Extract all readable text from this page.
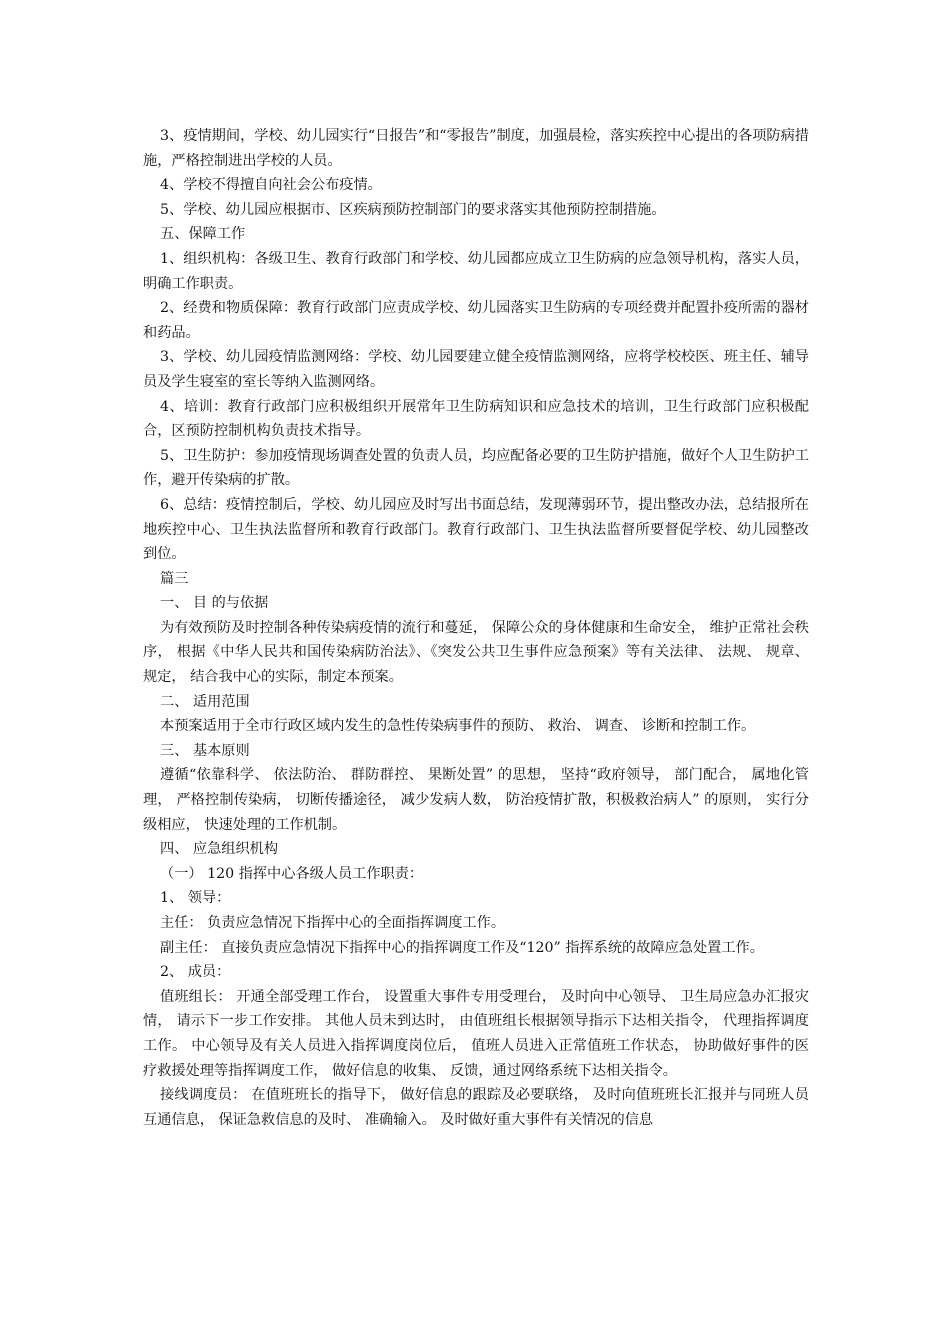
3、疫情期间，学校、幼儿园实行“日报告”和“零报告”制度，加强晨检，落实疾控中心提出的各项防病措施，严格控制进出学校的人员。

4、学校不得擅自向社会公布疫情。

5、学校、幼儿园应根据市、区疾病预防控制部门的要求落实其他预防控制措施。

五、保障工作

1、组织机构：各级卫生、教育行政部门和学校、幼儿园都应成立卫生防病的应急领导机构，落实人员，明确工作职责。

2、经费和物质保障：教育行政部门应责成学校、幼儿园落实卫生防病的专项经费并配置扑疫所需的器材和药品。

3、学校、幼儿园疫情监测网络：学校、幼儿园要建立健全疫情监测网络，应将学校校医、班主任、辅导员及学生寝室的室长等纳入监测网络。

4、培训：教育行政部门应积极组织开展常年卫生防病知识和应急技术的培训，卫生行政部门应积极配合，区预防控制机构负责技术指导。

5、卫生防护：参加疫情现场调查处置的负责人员，均应配备必要的卫生防护措施，做好个人卫生防护工作，避开传染病的扩散。

6、总结：疫情控制后，学校、幼儿园应及时写出书面总结，发现薄弱环节，提出整改办法，总结报所在地疾控中心、卫生执法监督所和教育行政部门。教育行政部门、卫生执法监督所要督促学校、幼儿园整改到位。

篇三

一、 目 的与依据

为有效预防及时控制各种传染病疫情的流行和蔓延， 保障公众的身体健康和生命安全， 维护正常社会秩序， 根据《中华人民共和国传染病防治法》、《突发公共卫生事件应急预案》等有关法律、 法规、 规章、 规定， 结合我中心的实际，制定本预案。

二、 适用范围

本预案适用于全市行政区域内发生的急性传染病事件的预防、 救治、 调查、 诊断和控制工作。

三、 基本原则

遵循“依靠科学、 依法防治、 群防群控、 果断处置” 的思想， 坚持“政府领导， 部门配合， 属地化管理， 严格控制传染病， 切断传播途径， 减少发病人数， 防治疫情扩散，积极救治病人” 的原则， 实行分级相应， 快速处理的工作机制。

四、 应急组织机构

（一） 120 指挥中心各级人员工作职责：

1、 领导：

主任： 负责应急情况下指挥中心的全面指挥调度工作。

副主任： 直接负责应急情况下指挥中心的指挥调度工作及“120” 指挥系统的故障应急处置工作。

2、 成员：

值班组长： 开通全部受理工作台， 设置重大事件专用受理台， 及时向中心领导、 卫生局应急办汇报灾情， 请示下一步工作安排。 其他人员未到达时， 由值班组长根据领导指示下达相关指令， 代理指挥调度工作。 中心领导及有关人员进入指挥调度岗位后， 值班人员进入正常值班工作状态， 协助做好事件的医疗救援处理等指挥调度工作， 做好信息的收集、 反馈，通过网络系统下达相关指令。

接线调度员： 在值班班长的指导下， 做好信息的跟踪及必要联络， 及时向值班班长汇报并与同班人员互通信息， 保证急救信息的及时、 准确输入。 及时做好重大事件有关情况的信息
